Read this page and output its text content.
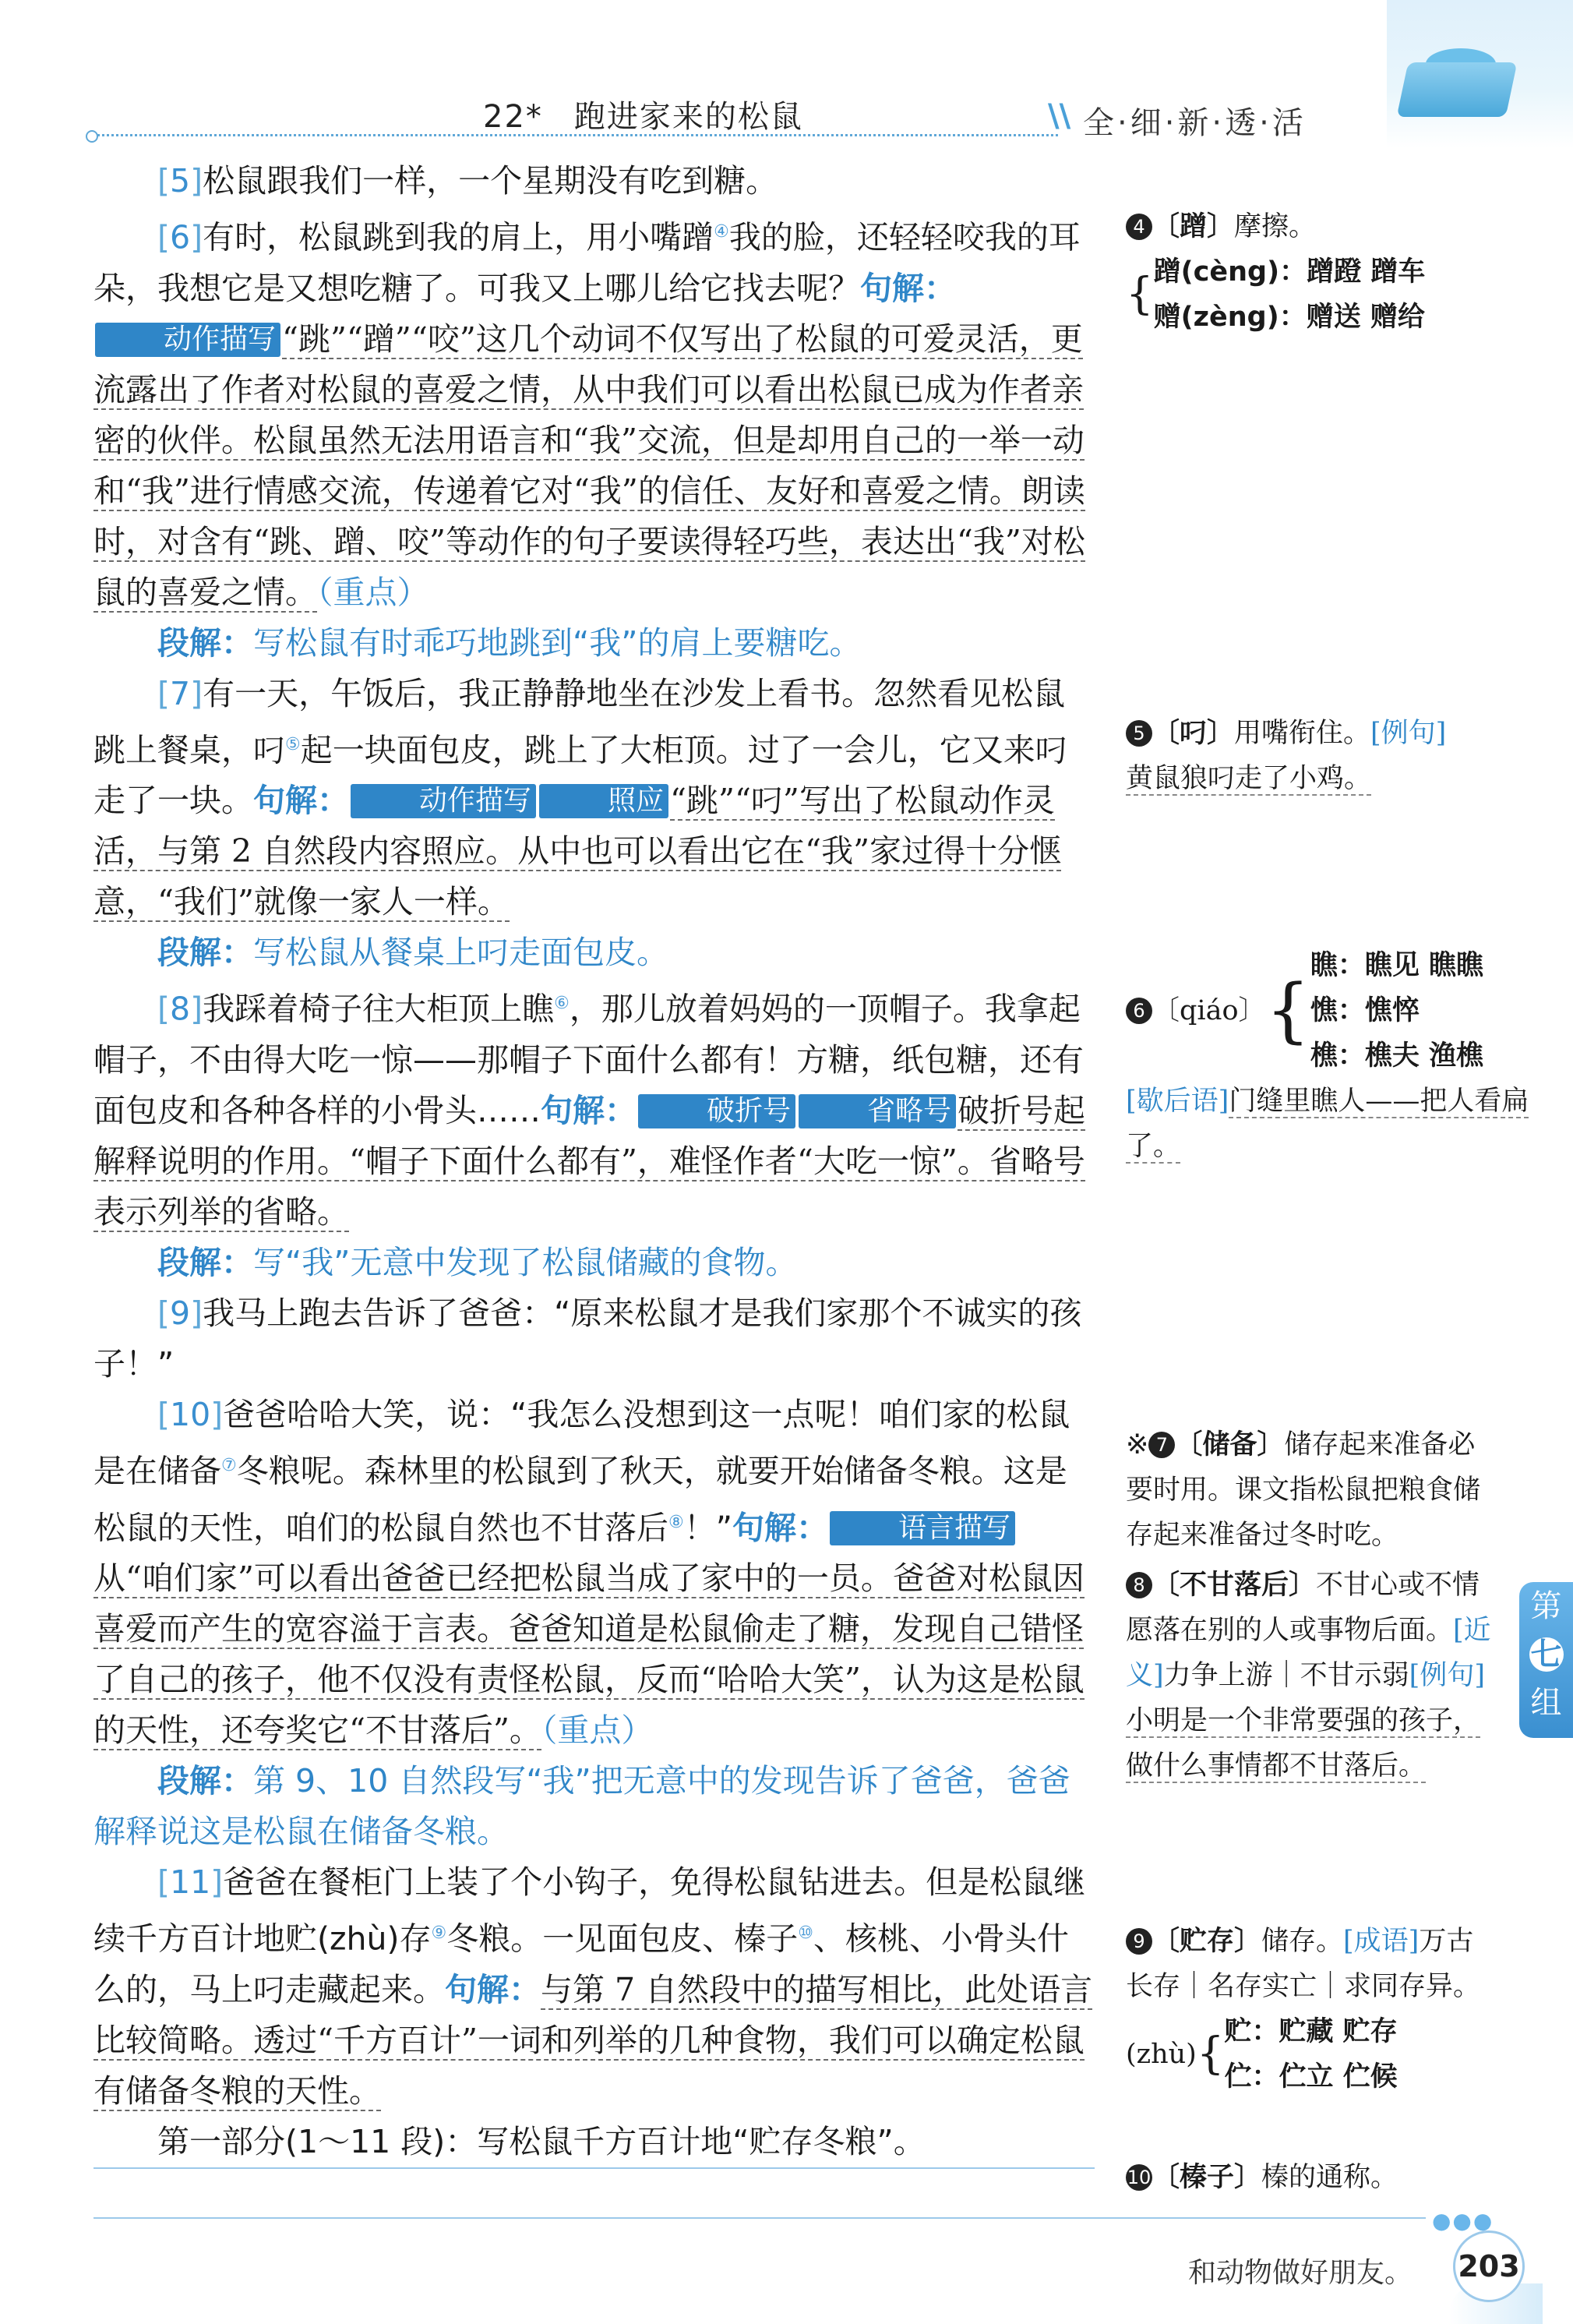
22* 跑进家来的松鼠	\\ 全·细·新·透·活

[5]松鼠跟我们一样，一个星期没有吃到糖。

[6]有时，松鼠跳到我的肩上，用小嘴蹭④我的脸，还轻轻咬我的耳朵，我想它是又想吃糖了。可我又上哪儿给它找去呢？句解：动作描写 “跳”“蹭”“咬”这几个动词不仅写出了松鼠的可爱灵活，更流露出了作者对松鼠的喜爱之情，从中我们可以看出松鼠已成为作者亲密的伙伴。松鼠虽然无法用语言和“我”交流，但是却用自己的一举一动和“我”进行情感交流，传递着它对“我”的信任、友好和喜爱之情。朗读时，对含有“跳、蹭、咬”等动作的句子要读得轻巧些，表达出“我”对松鼠的喜爱之情。（重点）

段解：写松鼠有时乖巧地跳到“我”的肩上要糖吃。

[7]有一天，午饭后，我正静静地坐在沙发上看书。忽然看见松鼠跳上餐桌，叼⑤起一块面包皮，跳上了大柜顶。过了一会儿，它又来叼走了一块。句解：	动作描写	照应 “跳”“叼”写出了松鼠动作灵活，与第 2 自然段内容照应。从中也可以看出它在“我”家过得十分惬意，“我们”就像一家人一样。

段解：写松鼠从餐桌上叼走面包皮。

[8]我踩着椅子往大柜顶上瞧⑥，那儿放着妈妈的一顶帽子。我拿起帽子，不由得大吃一惊——那帽子下面什么都有！方糖，纸包糖，还有面包皮和各种各样的小骨头……句解：	破折号	省略号 破折号起解释说明的作用。“帽子下面什么都有”，难怪作者“大吃一惊”。省略号表示列举的省略。

段解：写“我”无意中发现了松鼠储藏的食物。

[9]我马上跑去告诉了爸爸：“原来松鼠才是我们家那个不诚实的孩子！”

[10]爸爸哈哈大笑，说：“我怎么没想到这一点呢！咱们家的松鼠是在储备⑦冬粮呢。森林里的松鼠到了秋天，就要开始储备冬粮。这是松鼠的天性，咱们的松鼠自然也不甘落后⑧！”句解：	语言描写从“咱们家”可以看出爸爸已经把松鼠当成了家中的一员。爸爸对松鼠因喜爱而产生的宽容溢于言表。爸爸知道是松鼠偷走了糖，发现自己错怪了自己的孩子，他不仅没有责怪松鼠，反而“哈哈大笑”，认为这是松鼠的天性，还夸奖它“不甘落后”。（重点）

段解：第 9、10 自然段写“我”把无意中的发现告诉了爸爸，爸爸解释说这是松鼠在储备冬粮。

[11]爸爸在餐柜门上装了个小钩子，免得松鼠钻进去。但是松鼠继续千方百计地贮(zhù)存⑨冬粮。一见面包皮、榛子⑩、核桃、小骨头什么的，马上叼走藏起来。句解：与第 7 自然段中的描写相比，此处语言比较简略。透过“千方百计”一词和列举的几种食物，我们可以确定松鼠有储备冬粮的天性。

第一部分(1～11 段)：写松鼠千方百计地“贮存冬粮”。

4 〔蹭〕摩擦。
{ 蹭(cèng)：蹭蹬 蹭车
赠(zèng)：赠送 赠给
5 〔叼〕用嘴衔住。[例句]
黄鼠狼叼走了小鸡。
6 〔qiáo〕 {
瞧：瞧见 瞧瞧
憔：憔悴
樵：樵夫 渔樵
[歇后语]门缝里瞧人——把人看扁了。
※ 7 〔储备〕储存起来准备必要时用。课文指松鼠把粮食储存起来准备过冬时吃。
8 〔不甘落后〕不甘心或不情愿落在别的人或事物后面。[近义]力争上游｜不甘示弱[例句]小明是一个非常要强的孩子，做什么事情都不甘落后。
9 〔贮存〕储存。[成语]万古长存｜名存实亡｜求同存异。
(zhù) { 贮：贮藏 贮存
伫：伫立 伫候
10〔榛子〕榛的通称。
第
七
组
●●●
和动物做好朋友。 203
